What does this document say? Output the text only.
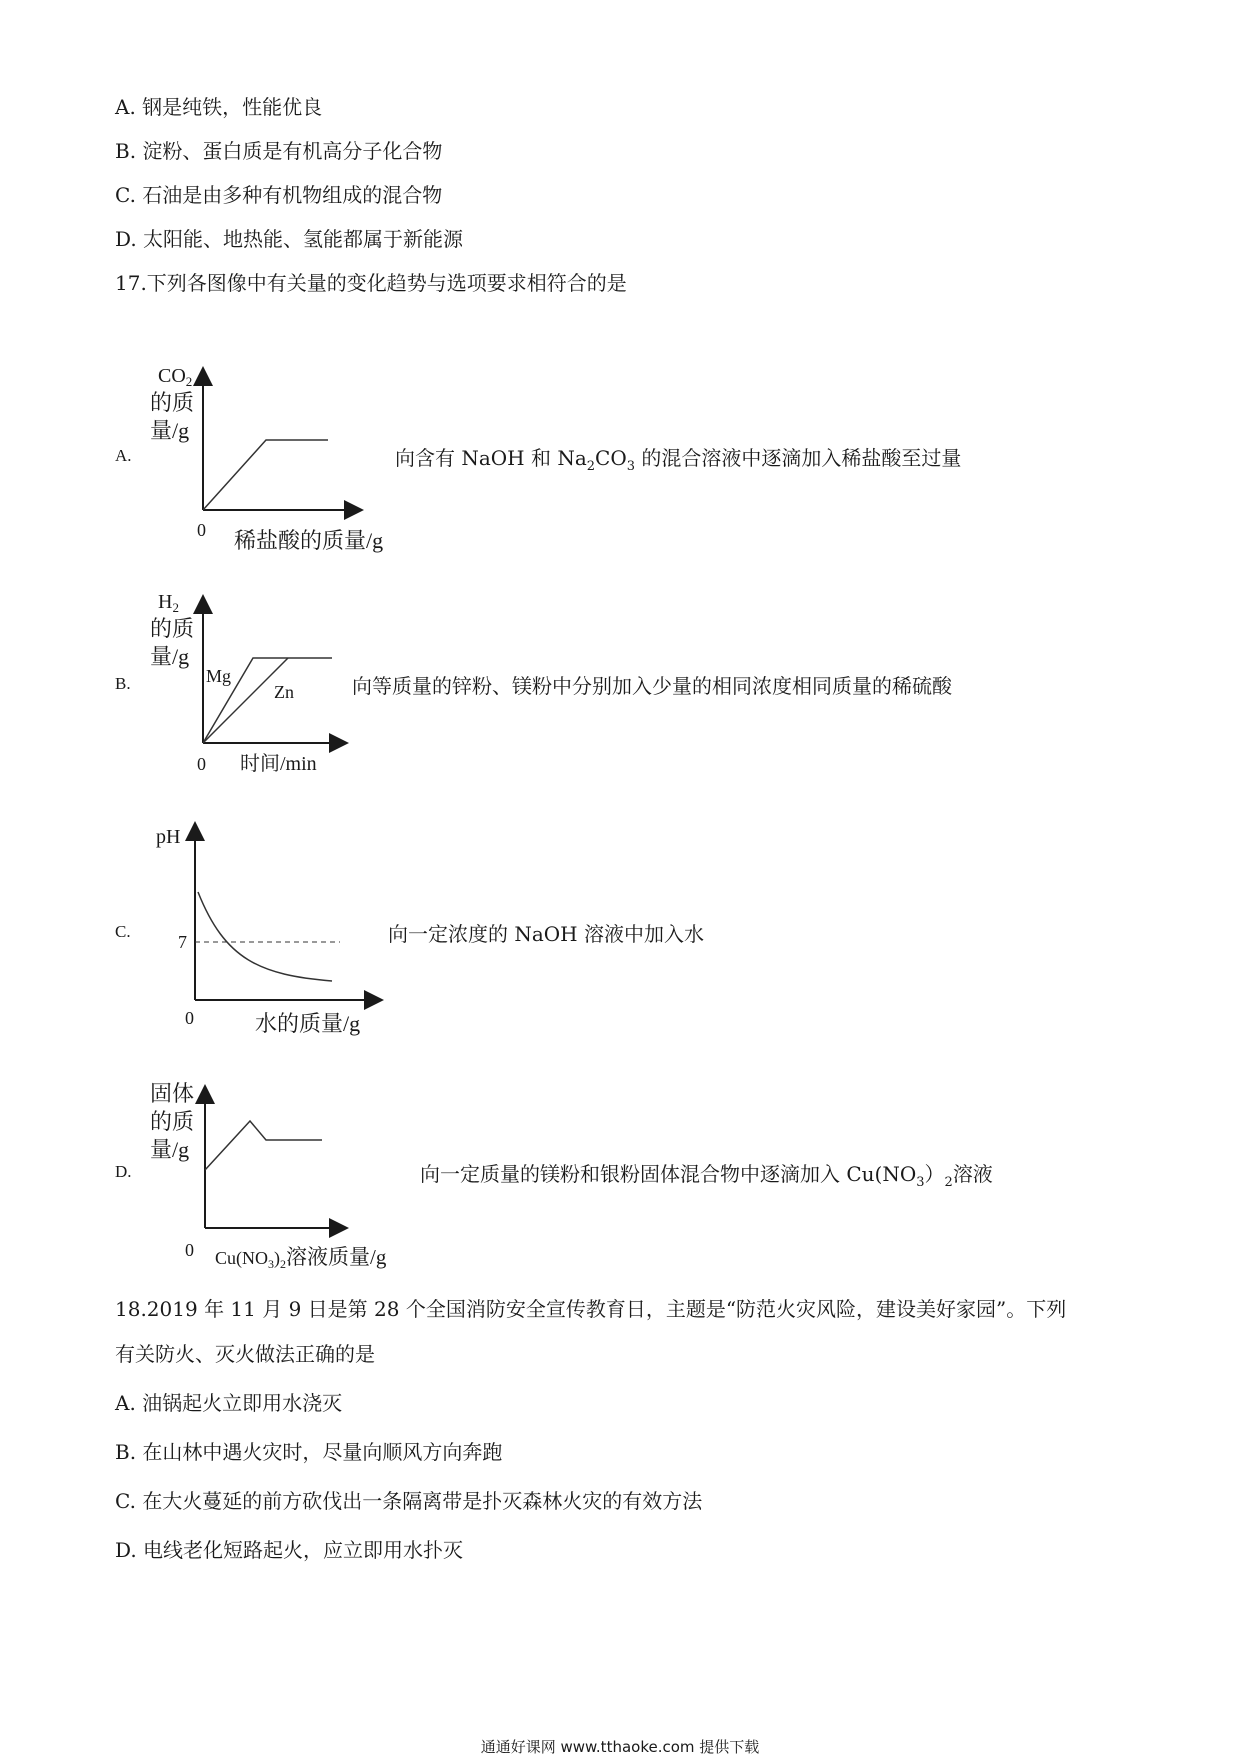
A. 钢是纯铁，性能优良
B. 淀粉、蛋白质是有机高分子化合物
C. 石油是由多种有机物组成的混合物
D. 太阳能、地热能、氢能都属于新能源
17.下列各图像中有关量的变化趋势与选项要求相符合的是
A.
$CO_2$
的质
量/g
0 稀盐酸的质量/g
向含有 NaOH 和 $Na_2CO_3$ 的混合溶液中逐滴加入稀盐酸至过量
B.
$H_2$
的质
量/g
Mg
Zn
0 时间/min
向等质量的锌粉、镁粉中分别加入少量的相同浓度相同质量的稀硫酸
C.
pH
7
0	水的质量/g
向一定浓度的 NaOH 溶液中加入水
D.
固体
的质
量/g
0 $Cu(NO_3)_2$溶液质量/g
向一定质量的镁粉和银粉固体混合物中逐滴加入 $Cu(NO_3)_2$溶液
18.2019 年 11 月 9 日是第 28 个全国消防安全宣传教育日，主题是“防范火灾风险，建设美好家园”。下列
有关防火、灭火做法正确的是
A. 油锅起火立即用水浇灭
B. 在山林中遇火灾时，尽量向顺风方向奔跑
C. 在大火蔓延的前方砍伐出一条隔离带是扑灭森林火灾的有效方法
D. 电线老化短路起火，应立即用水扑灭
通通好课网 www.tthaoke.com 提供下载
